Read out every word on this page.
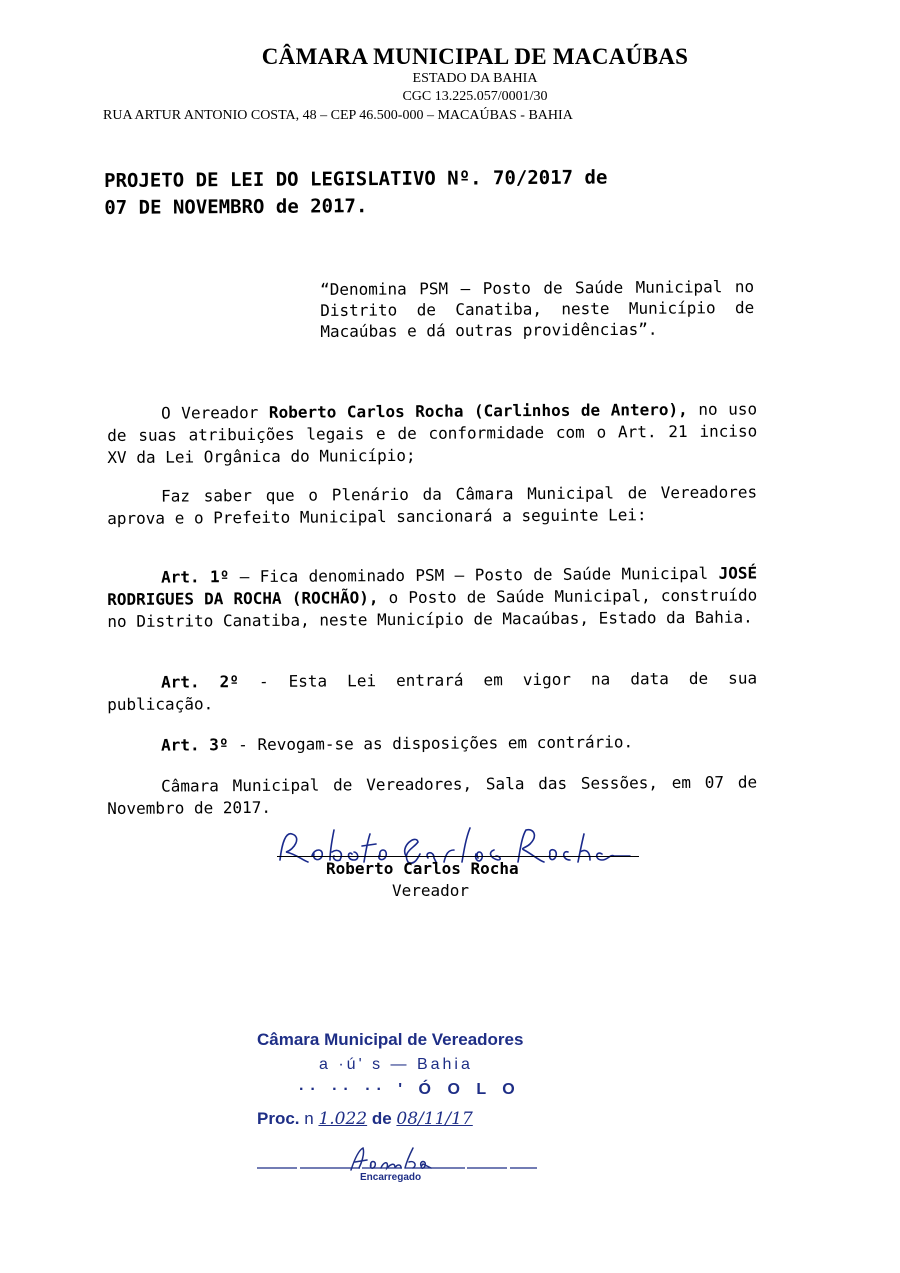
CÂMARA MUNICIPAL DE MACAÚBAS
ESTADO DA BAHIA
CGC 13.225.057/0001/30
RUA ARTUR ANTONIO COSTA, 48 – CEP 46.500-000 – MACAÚBAS - BAHIA
PROJETO DE LEI DO LEGISLATIVO Nº. 70/2017 de
07 DE NOVEMBRO de 2017.
“Denomina PSM – Posto de Saúde Municipal no Distrito de Canatiba, neste Município de Macaúbas e dá outras providências”.
O Vereador Roberto Carlos Rocha (Carlinhos de Antero), no uso de suas atribuições legais e de conformidade com o Art. 21 inciso XV da Lei Orgânica do Município;
Faz saber que o Plenário da Câmara Municipal de Vereadores aprova e o Prefeito Municipal sancionará a seguinte Lei:
Art. 1º – Fica denominado PSM – Posto de Saúde Municipal JOSÉ RODRIGUES DA ROCHA (ROCHÃO), o Posto de Saúde Municipal, construído no Distrito Canatiba, neste Município de Macaúbas, Estado da Bahia.
Art. 2º - Esta Lei entrará em vigor na data de sua publicação.
Art. 3º - Revogam-se as disposições em contrário.
Câmara Municipal de Vereadores, Sala das Sessões, em 07 de Novembro de 2017.
Roberto Carlos Rocha
Vereador
Câmara Municipal de Vereadores
a ·ú' s — Bahia
·· ·· ·· ' Ó O L O
Proc. n 1.022 de 08/11/17
Encarregado
